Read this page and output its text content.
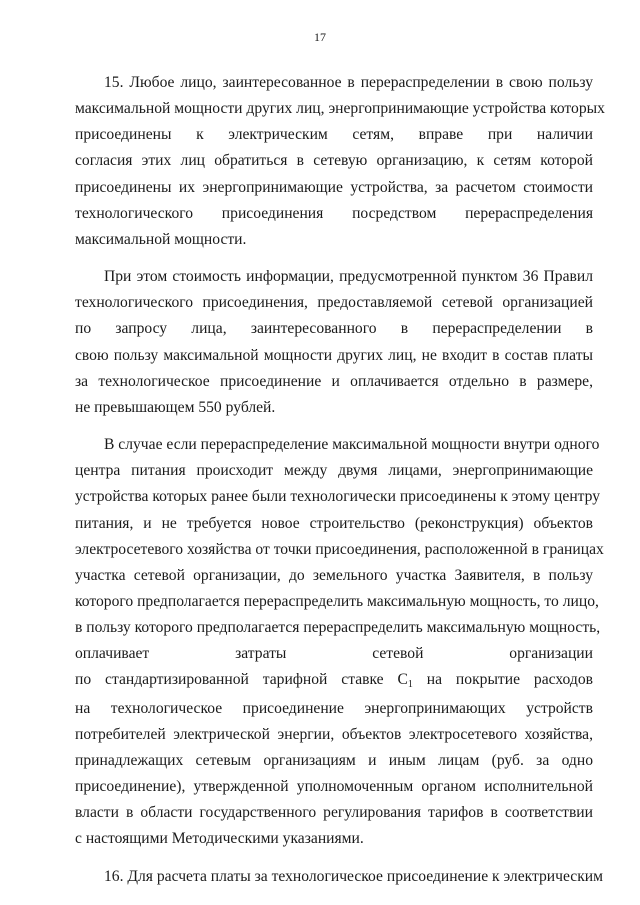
17

15. Любое лицо, заинтересованное в перераспределении в свою пользу
максимальной мощности других лиц, энергопринимающие устройства которых
присоединены к электрическим сетям, вправе при наличии
согласия этих лиц обратиться в сетевую организацию, к сетям которой
присоединены их энергопринимающие устройства, за расчетом стоимости
технологического присоединения посредством перераспределения
максимальной мощности.

При этом стоимость информации, предусмотренной пунктом 36 Правил
технологического присоединения, предоставляемой сетевой организацией
по запросу лица, заинтересованного в перераспределении в
свою пользу максимальной мощности других лиц, не входит в состав платы
за технологическое присоединение и оплачивается отдельно в размере,
не превышающем 550 рублей.

В случае если перераспределение максимальной мощности внутри одного
центра питания происходит между двумя лицами, энергопринимающие
устройства которых ранее были технологически присоединены к этому центру
питания, и не требуется новое строительство (реконструкция) объектов
электросетевого хозяйства от точки присоединения, расположенной в границах
участка сетевой организации, до земельного участка Заявителя, в пользу
которого предполагается перераспределить максимальную мощность, то лицо,
в пользу которого предполагается перераспределить максимальную мощность,
оплачивает затраты сетевой организации
по стандартизированной тарифной ставке $C_1$ на покрытие расходов
на технологическое присоединение энергопринимающих устройств
потребителей электрической энергии, объектов электросетевого хозяйства,
принадлежащих сетевым организациям и иным лицам (руб. за одно
присоединение), утвержденной уполномоченным органом исполнительной
власти в области государственного регулирования тарифов в соответствии
с настоящими Методическими указаниями.

16. Для расчета платы за технологическое присоединение к электрическим
